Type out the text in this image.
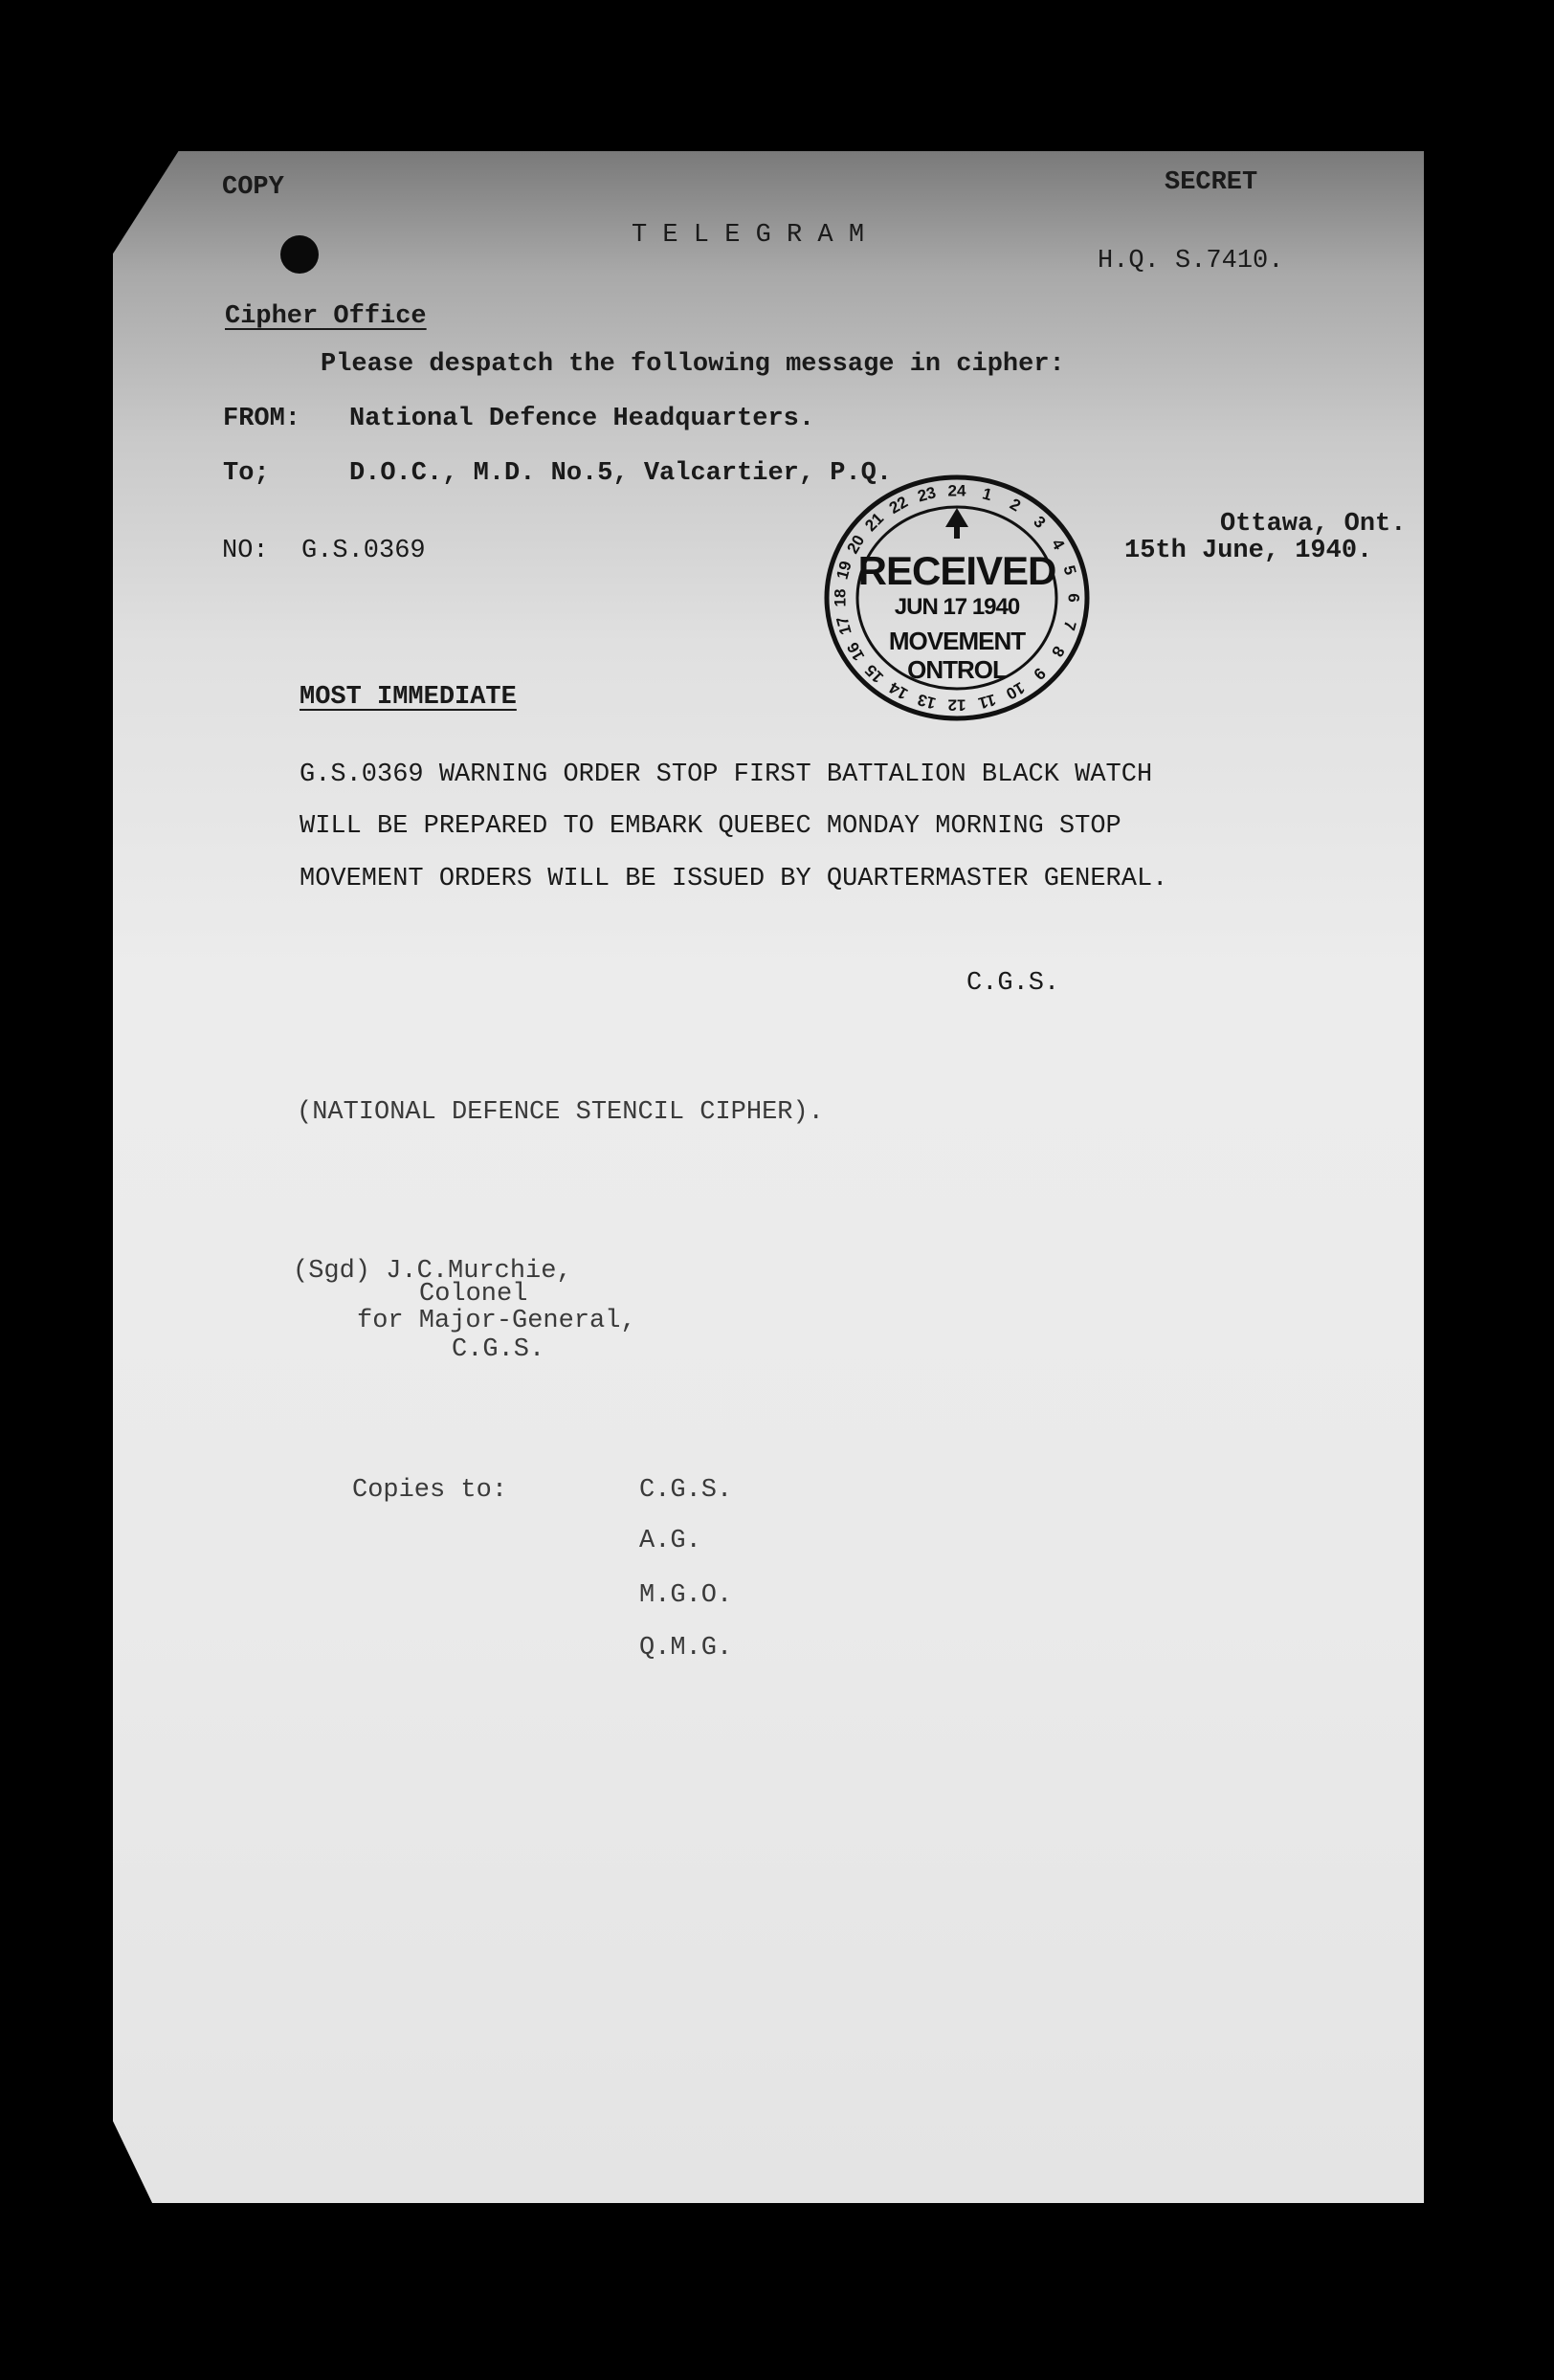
COPY	SECRET
T E L E G R A M
H.Q. S.7410.
Cipher Office
Please despatch the following message in cipher:
FROM: National Defence Headquarters.
To;	D.O.C., M.D. No.5, Valcartier, P.Q.
NO: G.S.0369
Ottawa, Ont.
15th June, 1940.
1
2
3
4
5
6
7
8
9
10
11
12
13
14
15
16
17
18
19
20
21
22 23 24
RECEIVED
JUN 17 1940
MOVEMENT
ONTROL
MOST IMMEDIATE
G.S.0369 WARNING ORDER STOP FIRST BATTALION BLACK WATCH
WILL BE PREPARED TO EMBARK QUEBEC MONDAY MORNING STOP
MOVEMENT ORDERS WILL BE ISSUED BY QUARTERMASTER GENERAL.
C.G.S.
(NATIONAL DEFENCE STENCIL CIPHER).
(Sgd) J.C.Murchie,
Colonel
for Major-General,
C.G.S.
Copies to:	C.G.S.
A.G.
M.G.O.
Q.M.G.
